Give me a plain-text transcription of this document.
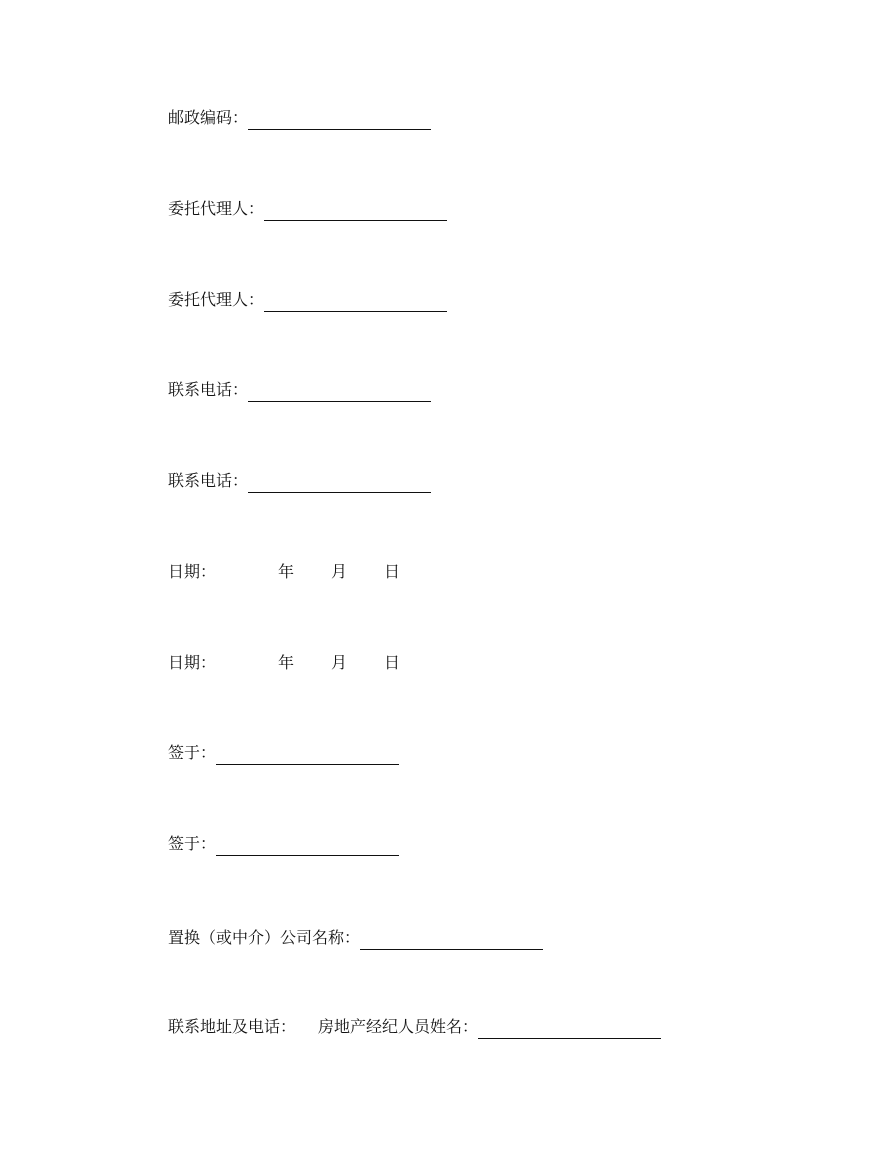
邮政编码：
委托代理人：
委托代理人：
联系电话：
联系电话：
日期：	年 月 日
日期：	年 月 日
签于：
签于：
置换（或中介）公司名称：
联系地址及电话： 房地产经纪人员姓名：
